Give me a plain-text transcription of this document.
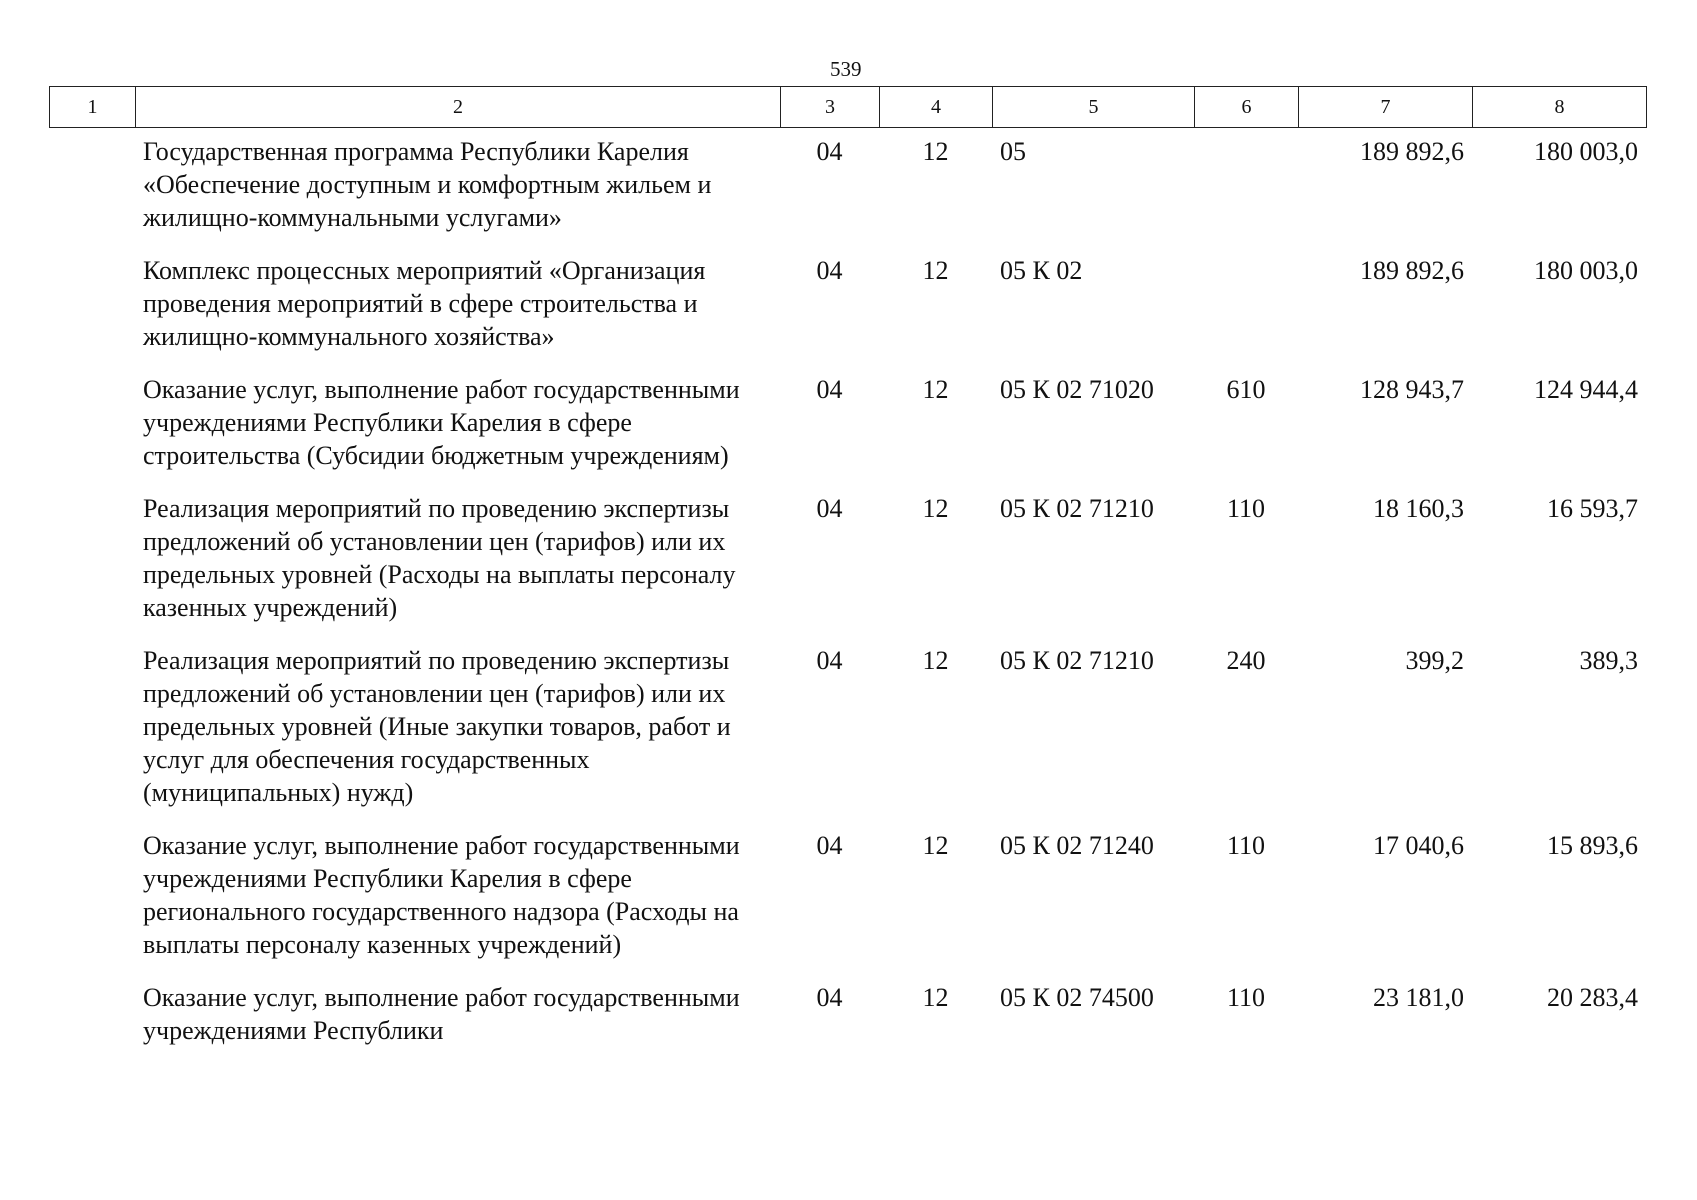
539
1	2	3	4	5	6	7	8
	Государственная программа Республики Карелия «Обеспечение доступным и комфортным жильем и жилищно-коммунальными услугами»	04	12	05		189 892,6	180 003,0
	Комплекс процессных мероприятий «Организация проведения мероприятий в сфере строительства и жилищно-коммунального хозяйства»	04	12	05 К 02		189 892,6	180 003,0
	Оказание услуг, выполнение работ государственными учреждениями Республики Карелия в сфере строительства (Субсидии бюджетным учреждениям)	04	12	05 К 02 71020	610	128 943,7	124 944,4
	Реализация мероприятий по проведению экспертизы предложений об установлении цен (тарифов) или их предельных уровней (Расходы на выплаты персоналу казенных учреждений)	04	12	05 К 02 71210	110	18 160,3	16 593,7
	Реализация мероприятий по проведению экспертизы предложений об установлении цен (тарифов) или их предельных уровней (Иные закупки товаров, работ и услуг для обеспечения государственных (муниципальных) нужд)	04	12	05 К 02 71210	240	399,2	389,3
	Оказание услуг, выполнение работ государственными учреждениями Республики Карелия в сфере регионального государственного надзора (Расходы на выплаты персоналу казенных учреждений)	04	12	05 К 02 71240	110	17 040,6	15 893,6
	Оказание услуг, выполнение работ государственными учреждениями Республики	04	12	05 К 02 74500	110	23 181,0	20 283,4
